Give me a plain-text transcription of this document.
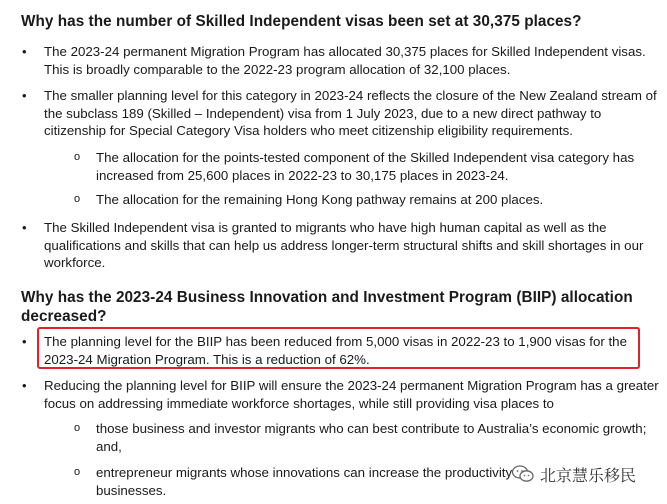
Why has the number of Skilled Independent visas been set at 30,375 places?
• The 2023-24 permanent Migration Program has allocated 30,375 places for Skilled Independent visas.
This is broadly comparable to the 2022-23 program allocation of 32,100 places.
• The smaller planning level for this category in 2023-24 reflects the closure of the New Zealand stream of
the subclass 189 (Skilled – Independent) visa from 1 July 2023, due to a new direct pathway to
citizenship for Special Category Visa holders who meet citizenship eligibility requirements.
o The allocation for the points-tested component of the Skilled Independent visa category has
increased from 25,600 places in 2022-23 to 30,175 places in 2023-24.
o The allocation for the remaining Hong Kong pathway remains at 200 places.
• The Skilled Independent visa is granted to migrants who have high human capital as well as the
qualifications and skills that can help us address longer-term structural shifts and skill shortages in our
workforce.
Why has the 2023-24 Business Innovation and Investment Program (BIIP) allocation
decreased?
• The planning level for the BIIP has been reduced from 5,000 visas in 2022-23 to 1,900 visas for the
2023-24 Migration Program. This is a reduction of 62%.
• Reducing the planning level for BIIP will ensure the 2023-24 permanent Migration Program has a greater
focus on addressing immediate workforce shortages, while still providing visa places to
o those business and investor migrants who can best contribute to Australia’s economic growth;
and,
o entrepreneur migrants whose innovations can increase the productivity
businesses.
北京慧乐移民
